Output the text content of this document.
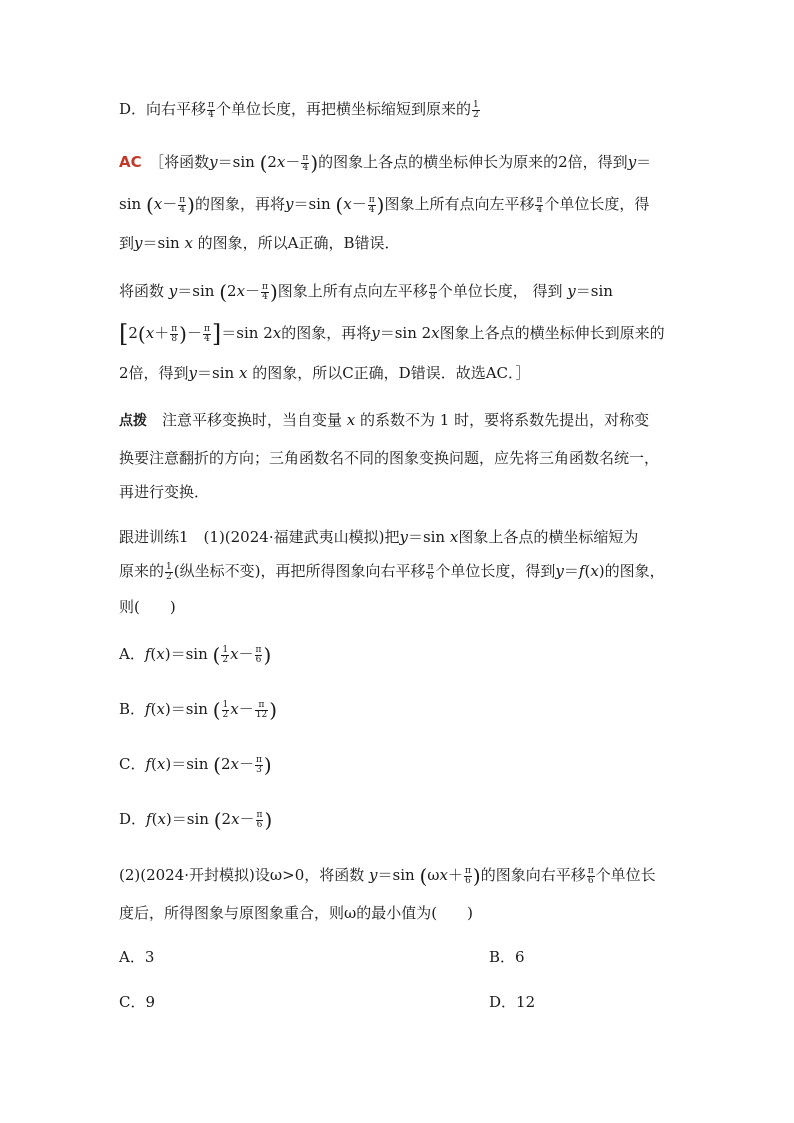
D．向右平移 $\frac{\pi}{4}$ 个单位长度，再把横坐标缩短到原来的 $\frac{1}{2}$
AC　［将函数y＝sin ($2x- \frac{\pi}{4}$ )的图象上各点的横坐标伸长为原来的2倍，得到y＝
$\sin (x- \frac{\pi}{4}$ )的图象，再将y＝sin ($x- \frac{\pi}{4}$ )图象上所有点向左平移 $\frac{\pi}{4}$ 个单位长度，得
到y＝sin x 的图象，所以A正确，B错误．
将函数 y＝sin ($2x- \frac{\pi}{4}$ )图象上所有点向左平移 $\frac{\pi}{8}$ 个单位长度， 得到 y＝sin
[$2(x+ \frac{\pi}{8}$ )－ $\frac{\pi}{4} ]=\sin$ 2x的图象，再将y＝sin 2x图象上各点的横坐标伸长到原来的
2倍，得到y＝sin x 的图象，所以C正确，D错误．故选AC．］
点拨　注意平移变换时，当自变量 x 的系数不为 1 时，要将系数先提出，对称变
换要注意翻折的方向；三角函数名不同的图象变换问题，应先将三角函数名统一，
再进行变换．
跟进训练1　(1)(2024·福建武夷山模拟)把y＝sin x图象上各点的横坐标缩短为
原来的 $\frac{1}{2}$ (纵坐标不变)，再把所得图象向右平移 $\frac{\pi}{6}$ 个单位长度，得到y＝f(x)的图象，
则(　　)
A．f(x)＝sin ( $\frac{1}{2} x- \frac{\pi}{6}$ )
B．f(x)＝sin ( $\frac{1}{2} x- \frac{\pi}{12}$ )
C．f(x)＝sin ($2x- \frac{\pi}{3}$ )
D．f(x)＝sin ($2x- \frac{\pi}{6}$ )
(2)(2024·开封模拟)设ω>0，将函数 y＝sin ($\omega x+ \frac{\pi}{6}$ )的图象向右平移 $\frac{\pi}{6}$ 个单位长
度后，所得图象与原图象重合，则ω的最小值为(　　)
A．3	B．6
C．9	D．12
